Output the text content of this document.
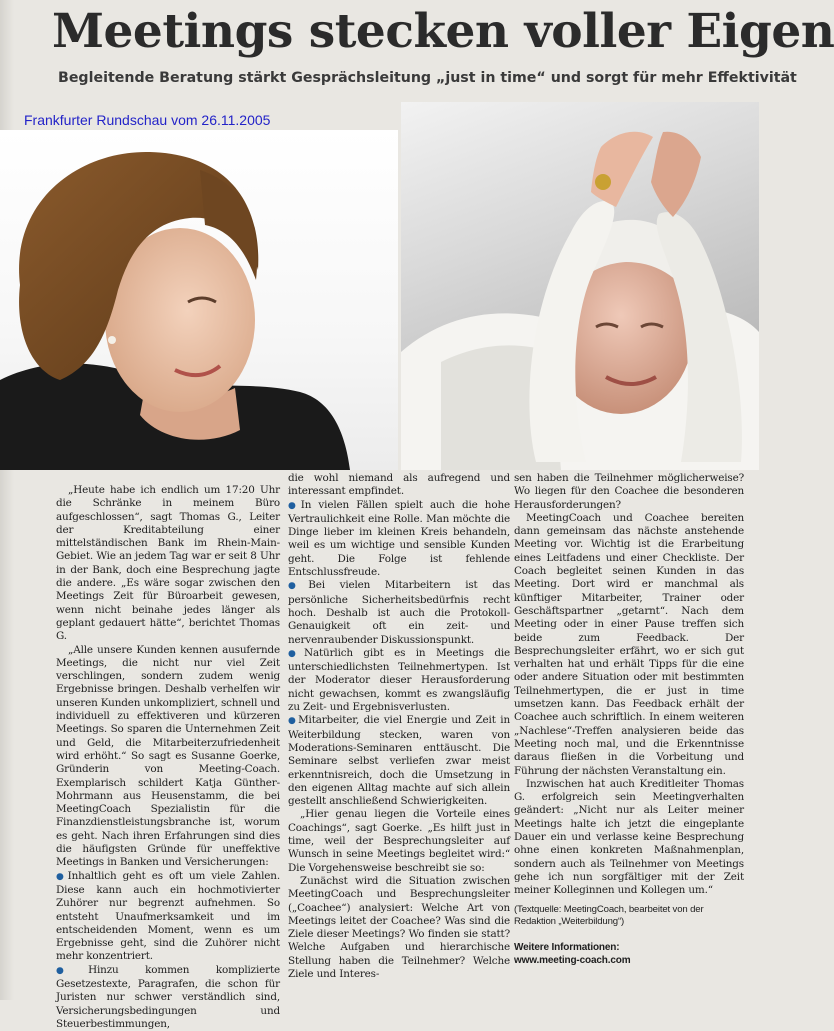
Meetings stecken voller Eigen
Begleitende Beratung stärkt Gesprächsleitung „just in time“ und sorgt für mehr Effektivität
Frankfurter Rundschau vom 26.11.2005

„Heute habe ich endlich um 17:20 Uhr die Schränke in meinem Büro aufgeschlossen“, sagt Thomas G., Leiter der Kreditabteilung einer mittelständischen Bank im Rhein-Main-Gebiet. Wie an jedem Tag war er seit 8 Uhr in der Bank, doch eine Besprechung jagte die andere. „Es wäre sogar zwischen den Meetings Zeit für Büroarbeit gewesen, wenn nicht beinahe jedes länger als geplant gedauert hätte“, berichtet Thomas G.

„Alle unsere Kunden kennen ausufernde Meetings, die nicht nur viel Zeit verschlingen, sondern zudem wenig Ergebnisse bringen. Deshalb verhelfen wir unseren Kunden unkompliziert, schnell und individuell zu effektiveren und kürzeren Meetings. So sparen die Unternehmen Zeit und Geld, die Mitarbeiterzufriedenheit wird erhöht.“ So sagt es Susanne Goerke, Gründerin von Meeting-Coach. Exemplarisch schildert Katja Günther-Mohrmann aus Heusenstamm, die bei MeetingCoach Spezialistin für die Finanzdienstleistungsbranche ist, worum es geht. Nach ihren Erfahrungen sind dies die häufigsten Gründe für uneffektive Meetings in Banken und Versicherungen:

● Inhaltlich geht es oft um viele Zahlen. Diese kann auch ein hochmotivierter Zuhörer nur begrenzt aufnehmen. So entsteht Unaufmerksamkeit und im entscheidenden Moment, wenn es um Ergebnisse geht, sind die Zuhörer nicht mehr konzentriert.

● Hinzu kommen komplizierte Gesetzestexte, Paragrafen, die schon für Juristen nur schwer verständlich sind, Versicherungsbedingungen und Steuerbestimmungen,

die wohl niemand als aufregend und interessant empfindet.

● In vielen Fällen spielt auch die hohe Vertraulichkeit eine Rolle. Man möchte die Dinge lieber im kleinen Kreis behandeln, weil es um wichtige und sensible Kunden geht. Die Folge ist fehlende Entschlussfreude.

● Bei vielen Mitarbeitern ist das persönliche Sicherheitsbedürfnis recht hoch. Deshalb ist auch die Protokoll-Genauigkeit oft ein zeit- und nervenraubender Diskussionspunkt.

● Natürlich gibt es in Meetings die unterschiedlichsten Teilnehmertypen. Ist der Moderator dieser Herausforderung nicht gewachsen, kommt es zwangsläufig zu Zeit- und Ergebnisverlusten.

● Mitarbeiter, die viel Energie und Zeit in Weiterbildung stecken, waren von Moderations-Seminaren enttäuscht. Die Seminare selbst verliefen zwar meist erkenntnisreich, doch die Umsetzung in den eigenen Alltag machte auf sich allein gestellt anschließend Schwierigkeiten.

„Hier genau liegen die Vorteile eines Coachings“, sagt Goerke. „Es hilft just in time, weil der Besprechungsleiter auf Wunsch in seine Meetings begleitet wird:“ Die Vorgehensweise beschreibt sie so:

Zunächst wird die Situation zwischen MeetingCoach und Besprechungsleiter („Coachee“) analysiert: Welche Art von Meetings leitet der Coachee? Was sind die Ziele dieser Meetings? Wo finden sie statt? Welche Aufgaben und hierarchische Stellung haben die Teilnehmer? Welche Ziele und Interes-

sen haben die Teilnehmer möglicherweise? Wo liegen für den Coachee die besonderen Herausforderungen?

MeetingCoach und Coachee bereiten dann gemeinsam das nächste anstehende Meeting vor. Wichtig ist die Erarbeitung eines Leitfadens und einer Checkliste. Der Coach begleitet seinen Kunden in das Meeting. Dort wird er manchmal als künftiger Mitarbeiter, Trainer oder Geschäftspartner „getarnt“. Nach dem Meeting oder in einer Pause treffen sich beide zum Feedback. Der Besprechungsleiter erfährt, wo er sich gut verhalten hat und erhält Tipps für die eine oder andere Situation oder mit bestimmten Teilnehmertypen, die er just in time umsetzen kann. Das Feedback erhält der Coachee auch schriftlich. In einem weiteren „Nachlese“-Treffen analysieren beide das Meeting noch mal, und die Erkenntnisse daraus fließen in die Vorbeitung und Führung der nächsten Veranstaltung ein.

Inzwischen hat auch Kreditleiter Thomas G. erfolgreich sein Meetingverhalten geändert: „Nicht nur als Leiter meiner Meetings halte ich jetzt die eingeplante Dauer ein und verlasse keine Besprechung ohne einen konkreten Maßnahmenplan, sondern auch als Teilnehmer von Meetings gehe ich nun sorgfältiger mit der Zeit meiner Kolleginnen und Kollegen um.“

(Textquelle: MeetingCoach, bearbeitet von der Redaktion „Weiterbildung“)

Weitere Informationen:

www.meeting-coach.com
